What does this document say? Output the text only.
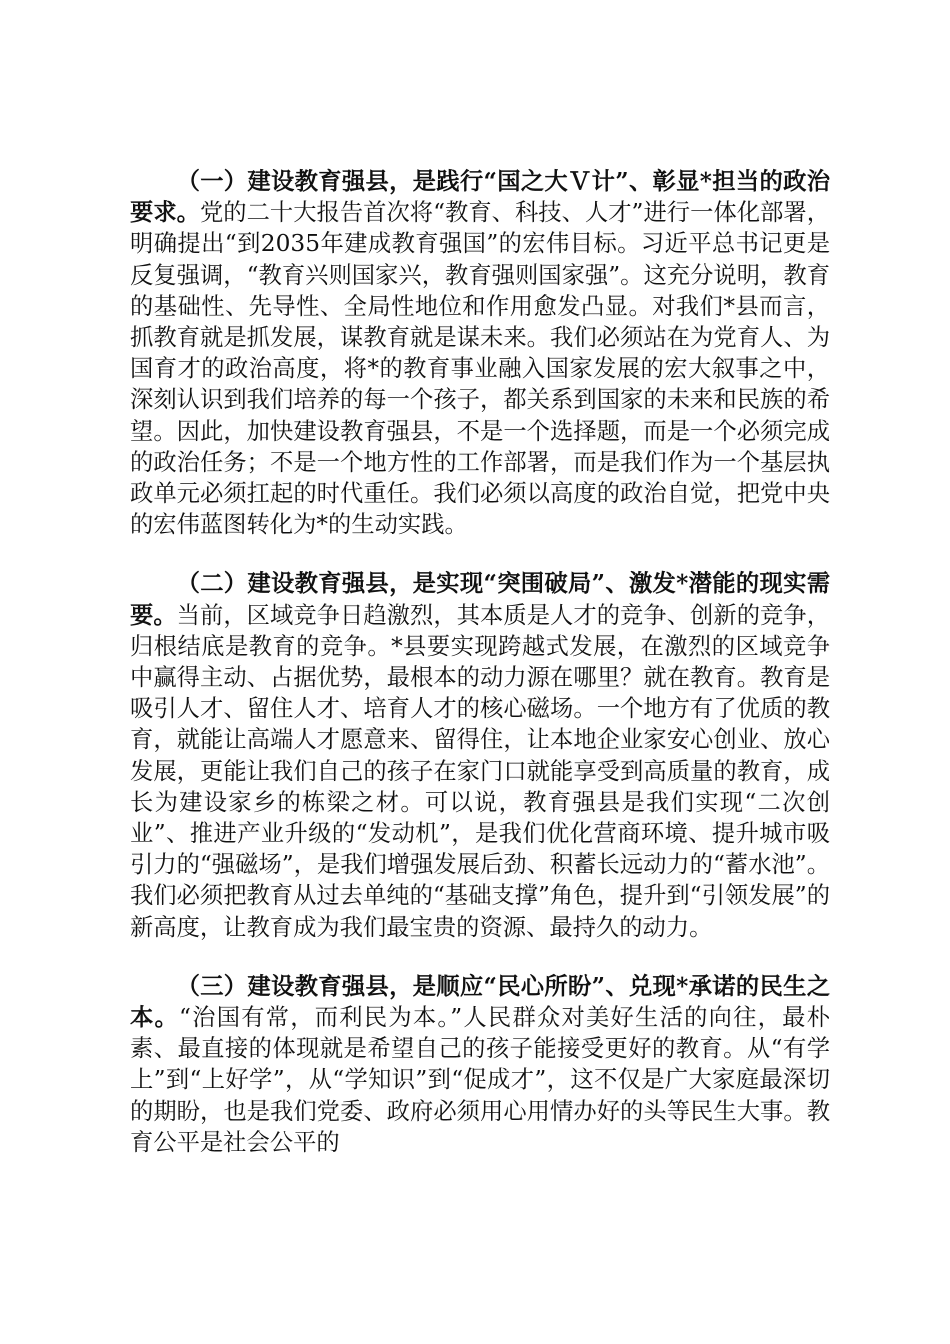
（一）建设教育强县，是践行“国之大Ｖ计”、彰显*担当的政治要求。党的二十大报告首次将“教育、科技、人才”进行一体化部署，明确提出“到2035年建成教育强国”的宏伟目标。习近平总书记更是反复强调，“教育兴则国家兴，教育强则国家强”。这充分说明，教育的基础性、先导性、全局性地位和作用愈发凸显。对我们*县而言，抓教育就是抓发展，谋教育就是谋未来。我们必须站在为党育人、为国育才的政治高度，将*的教育事业融入国家发展的宏大叙事之中，深刻认识到我们培养的每一个孩子，都关系到国家的未来和民族的希望。因此，加快建设教育强县，不是一个选择题，而是一个必须完成的政治任务；不是一个地方性的工作部署，而是我们作为一个基层执政单元必须扛起的时代重任。我们必须以高度的政治自觉，把党中央的宏伟蓝图转化为*的生动实践。

（二）建设教育强县，是实现“突围破局”、激发*潜能的现实需要。当前，区域竞争日趋激烈，其本质是人才的竞争、创新的竞争，归根结底是教育的竞争。*县要实现跨越式发展，在激烈的区域竞争中赢得主动、占据优势，最根本的动力源在哪里？就在教育。教育是吸引人才、留住人才、培育人才的核心磁场。一个地方有了优质的教育，就能让高端人才愿意来、留得住，让本地企业家安心创业、放心发展，更能让我们自己的孩子在家门口就能享受到高质量的教育，成长为建设家乡的栋梁之材。可以说，教育强县是我们实现“二次创业”、推进产业升级的“发动机”，是我们优化营商环境、提升城市吸引力的“强磁场”，是我们增强发展后劲、积蓄长远动力的“蓄水池”。我们必须把教育从过去单纯的“基础支撑”角色，提升到“引领发展”的新高度，让教育成为我们最宝贵的资源、最持久的动力。

（三）建设教育强县，是顺应“民心所盼”、兑现*承诺的民生之本。“治国有常，而利民为本。”人民群众对美好生活的向往，最朴素、最直接的体现就是希望自己的孩子能接受更好的教育。从“有学上”到“上好学”，从“学知识”到“促成才”，这不仅是广大家庭最深切的期盼，也是我们党委、政府必须用心用情办好的头等民生大事。教育公平是社会公平的
